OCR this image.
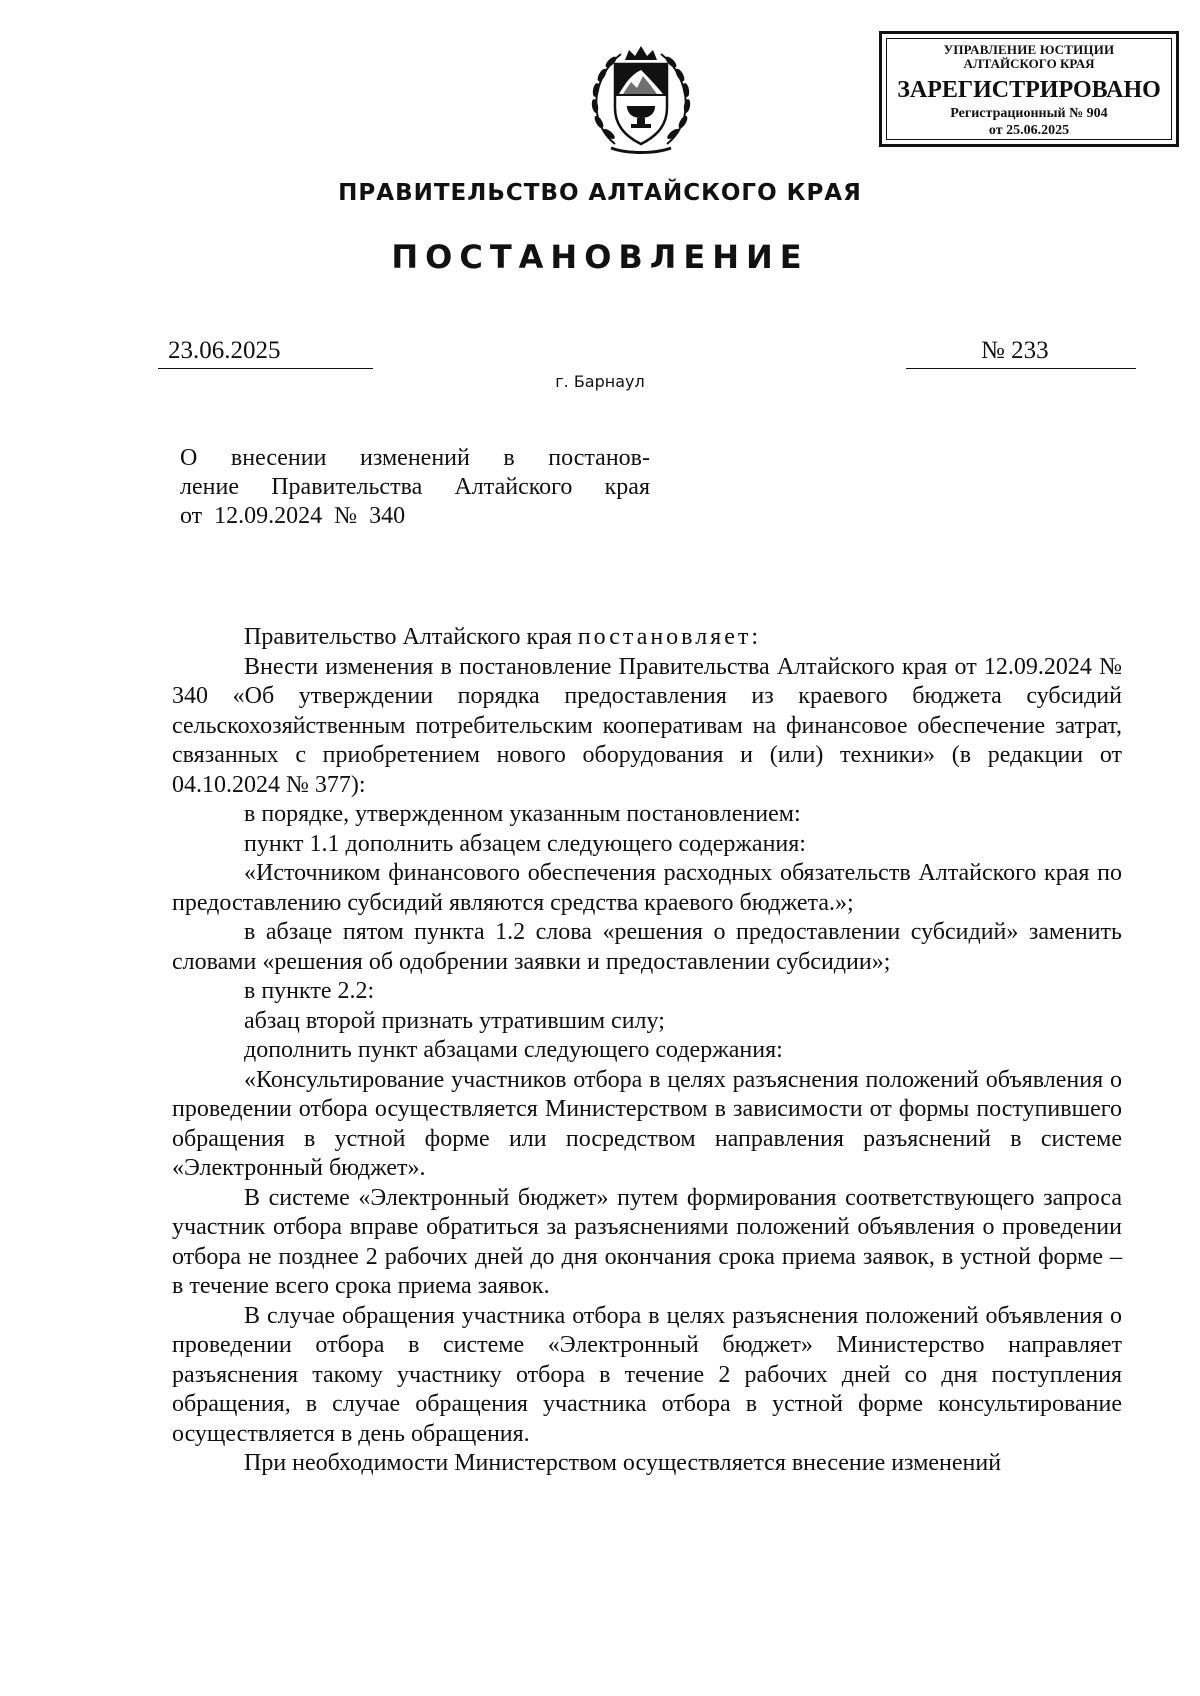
УПРАВЛЕНИЕ ЮСТИЦИИ
АЛТАЙСКОГО КРАЯ
ЗАРЕГИСТРИРОВАНО
Регистрационный № 904
от 25.06.2025
ПРАВИТЕЛЬСТВО АЛТАЙСКОГО КРАЯ
ПОСТАНОВЛЕНИЕ
23.06.2025	№ 233
г. Барнаул
О внесении изменений в постанов-
ление Правительства Алтайского края
от 12.09.2024 № 340

Правительство Алтайского края постановляет:

Внести изменения в постановление Правительства Алтайского края от 12.09.2024 № 340 «Об утверждении порядка предоставления из краевого бюджета субсидий сельскохозяйственным потребительским кооперативам на финансовое обеспечение затрат, связанных с приобретением нового оборудования и (или) техники» (в редакции от 04.10.2024 № 377):

в порядке, утвержденном указанным постановлением:

пункт 1.1 дополнить абзацем следующего содержания:

«Источником финансового обеспечения расходных обязательств Алтайского края по предоставлению субсидий являются средства краевого бюджета.»;

в абзаце пятом пункта 1.2 слова «решения о предоставлении субсидий» заменить словами «решения об одобрении заявки и предоставлении субсидии»;

в пункте 2.2:

абзац второй признать утратившим силу;

дополнить пункт абзацами следующего содержания:

«Консультирование участников отбора в целях разъяснения положений объявления о проведении отбора осуществляется Министерством в зависимости от формы поступившего обращения в устной форме или посредством направления разъяснений в системе «Электронный бюджет».

В системе «Электронный бюджет» путем формирования соответствующего запроса участник отбора вправе обратиться за разъяснениями положений объявления о проведении отбора не позднее 2 рабочих дней до дня окончания срока приема заявок, в устной форме – в течение всего срока приема заявок.

В случае обращения участника отбора в целях разъяснения положений объявления о проведении отбора в системе «Электронный бюджет» Министерство направляет разъяснения такому участнику отбора в течение 2 рабочих дней со дня поступления обращения, в случае обращения участника отбора в устной форме консультирование осуществляется в день обращения.

При необходимости Министерством осуществляется внесение изменений
